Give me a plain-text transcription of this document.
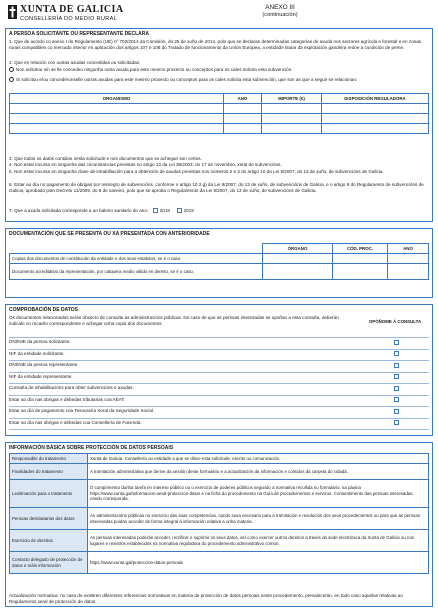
XUNTA DE GALICIA
CONSELLERÍA DO MEDIO RURAL
ANEXO III
(continuación)
A PERSOA SOLICITANTE OU REPRESENTANTE DECLARA
1. Que de acordo co anexo I do Regulamento (UE) nº 702/2014 da Comisión, do 25 de xuño de 2014, polo que se declaran determinadas categorías de axuda nos sectores agrícola e forestal e en zonas rurais compatibles co mercado interior en aplicación dos artigos 107 e 108 do Tratado de funcionamento da Unión Europea, a entidade titular da explotación gandeira reúne a condición de peme.
2. Que en relación con outras axudas concedidas ou solicitadas:
Non solicitou nin se lle concedeu ningunha outra axuda para este mesmo proxecto ou conceptos para os cales solicita esta subvención.
Si solicitou e/ou concedéronselle outras axudas para este mesmo proxecto ou conceptos para os cales solicita esta subvención, que son as que a seguir se relacionan:
ORGANISMO	ANO	IMPORTE (€)	DISPOSICIÓN REGULADORA

3. Que todos os datos contidos nesta solicitude e nos documentos que se achegan son certos.
4. Non estar incursa en ningunha das circunstancias previstas no artigo 13 da Lei 38/2003, do 17 de novembro, xeral de subvencións.
5. Non estar incursa en ningunha clase de inhabilitación para a obtención de axudas previstas nos números 2 e 3 do artigo 10 da Lei 9/2007, do 13 de xuño, de subvencións de Galicia.
6. Estar ao día no pagamento de obrigas por reintegro de subvencións, conforme o artigo 10.2.g) da Lei 9/2007, do 13 de xuño, de subvencións de Galicia, e o artigo 9 do Regulamento de subvencións de Galicia, aprobado polo Decreto 11/2009, do 8 de xaneiro, polo que se aproba o Regulamento da Lei 9/2007, do 13 de xuño, de subvencións de Galicia.
7. Que a axuda solicitada corresponde a un baleiro sanitario do ano:	2018	2019
DOCUMENTACIÓN QUE SE PRESENTA OU XA PRESENTADA CON ANTERIORIDADE
	ÓRGANO	CÓD. PROC.	ANO
Copias dos documentos de constitución da entidade e dos seus estatutos, se é o caso.			
Documento acreditativo da representación, por calquera medio válido en dereito, se é o caso.			
COMPROBACIÓN DE DATOS
Os documentos relacionados serán obxecto de consulta ás administracións públicas. No caso de que as persoas interesadas se opoñan a esta consulta, deberán indicalo no recadro correspondente e achegar unha copia dos documentos.	OPÓÑOME Á CONSULTA
DNI/NIE da persoa solicitante.
NIF da entidade solicitante.
DNI/NIE da persoa representante.
NIF da entidade representante.
Consulta de inhabilitacións para obter subvencións e axudas.
Estar ao día nas obrigas e débedas tributarias coa AEAT.
Estar ao día de pagamento coa Tesouraría Xeral da Seguridade Social.
Estar ao día nas obrigas e débedas coa Consellería de Facenda.
INFORMACIÓN BÁSICA SOBRE PROTECCIÓN DE DATOS PERSOAIS
Responsable do tratamento	Xunta de Galicia. Consellería ou entidade a que se dirixe esta solicitude, escrito ou comunicación.
Finalidades do tratamento	A tramitación administrativa que derive da xestión deste formulario e a actualización da información e contidos da carpeta do cidadá.
Lexitimación para o tratamento	O cumprimento dunha tarefa en interese público ou o exercicio de poderes públicos segundo a normativa recollida no formulario, na páxina https://www.xunta.gal/informacion-xeral-proteccion-datos e na ficha do procedemento na Guía de procedementos e servizos. Consentimento das persoas interesadas, cando corresponda.
Persoas destinatarias dos datos	As administracións públicas no exercicio das súas competencias, cando sexa necesario para a tramitación e resolución dos seus procedementos ou para que as persoas interesadas poidan acceder de forma integral á información relativa a unha materia.
Exercicio de dereitos	As persoas interesadas poderán acceder, rectificar e suprimir os seus datos, así como exercer outros dereitos a través da sede electrónica da Xunta de Galicia ou nos lugares e rexistros establecidos na normativa reguladora do procedemento administrativo común.
Contacto delegado de protección de datos e máis información	https://www.xunta.gal/proteccion-datos-persoais
Actualización normativa: no caso de existiren diferentes referencias normativas en materia de protección de datos persoais neste procedemento, prevalecerán, en todo caso aquelas relativas ao Regulamento xeral de protección de datos.
